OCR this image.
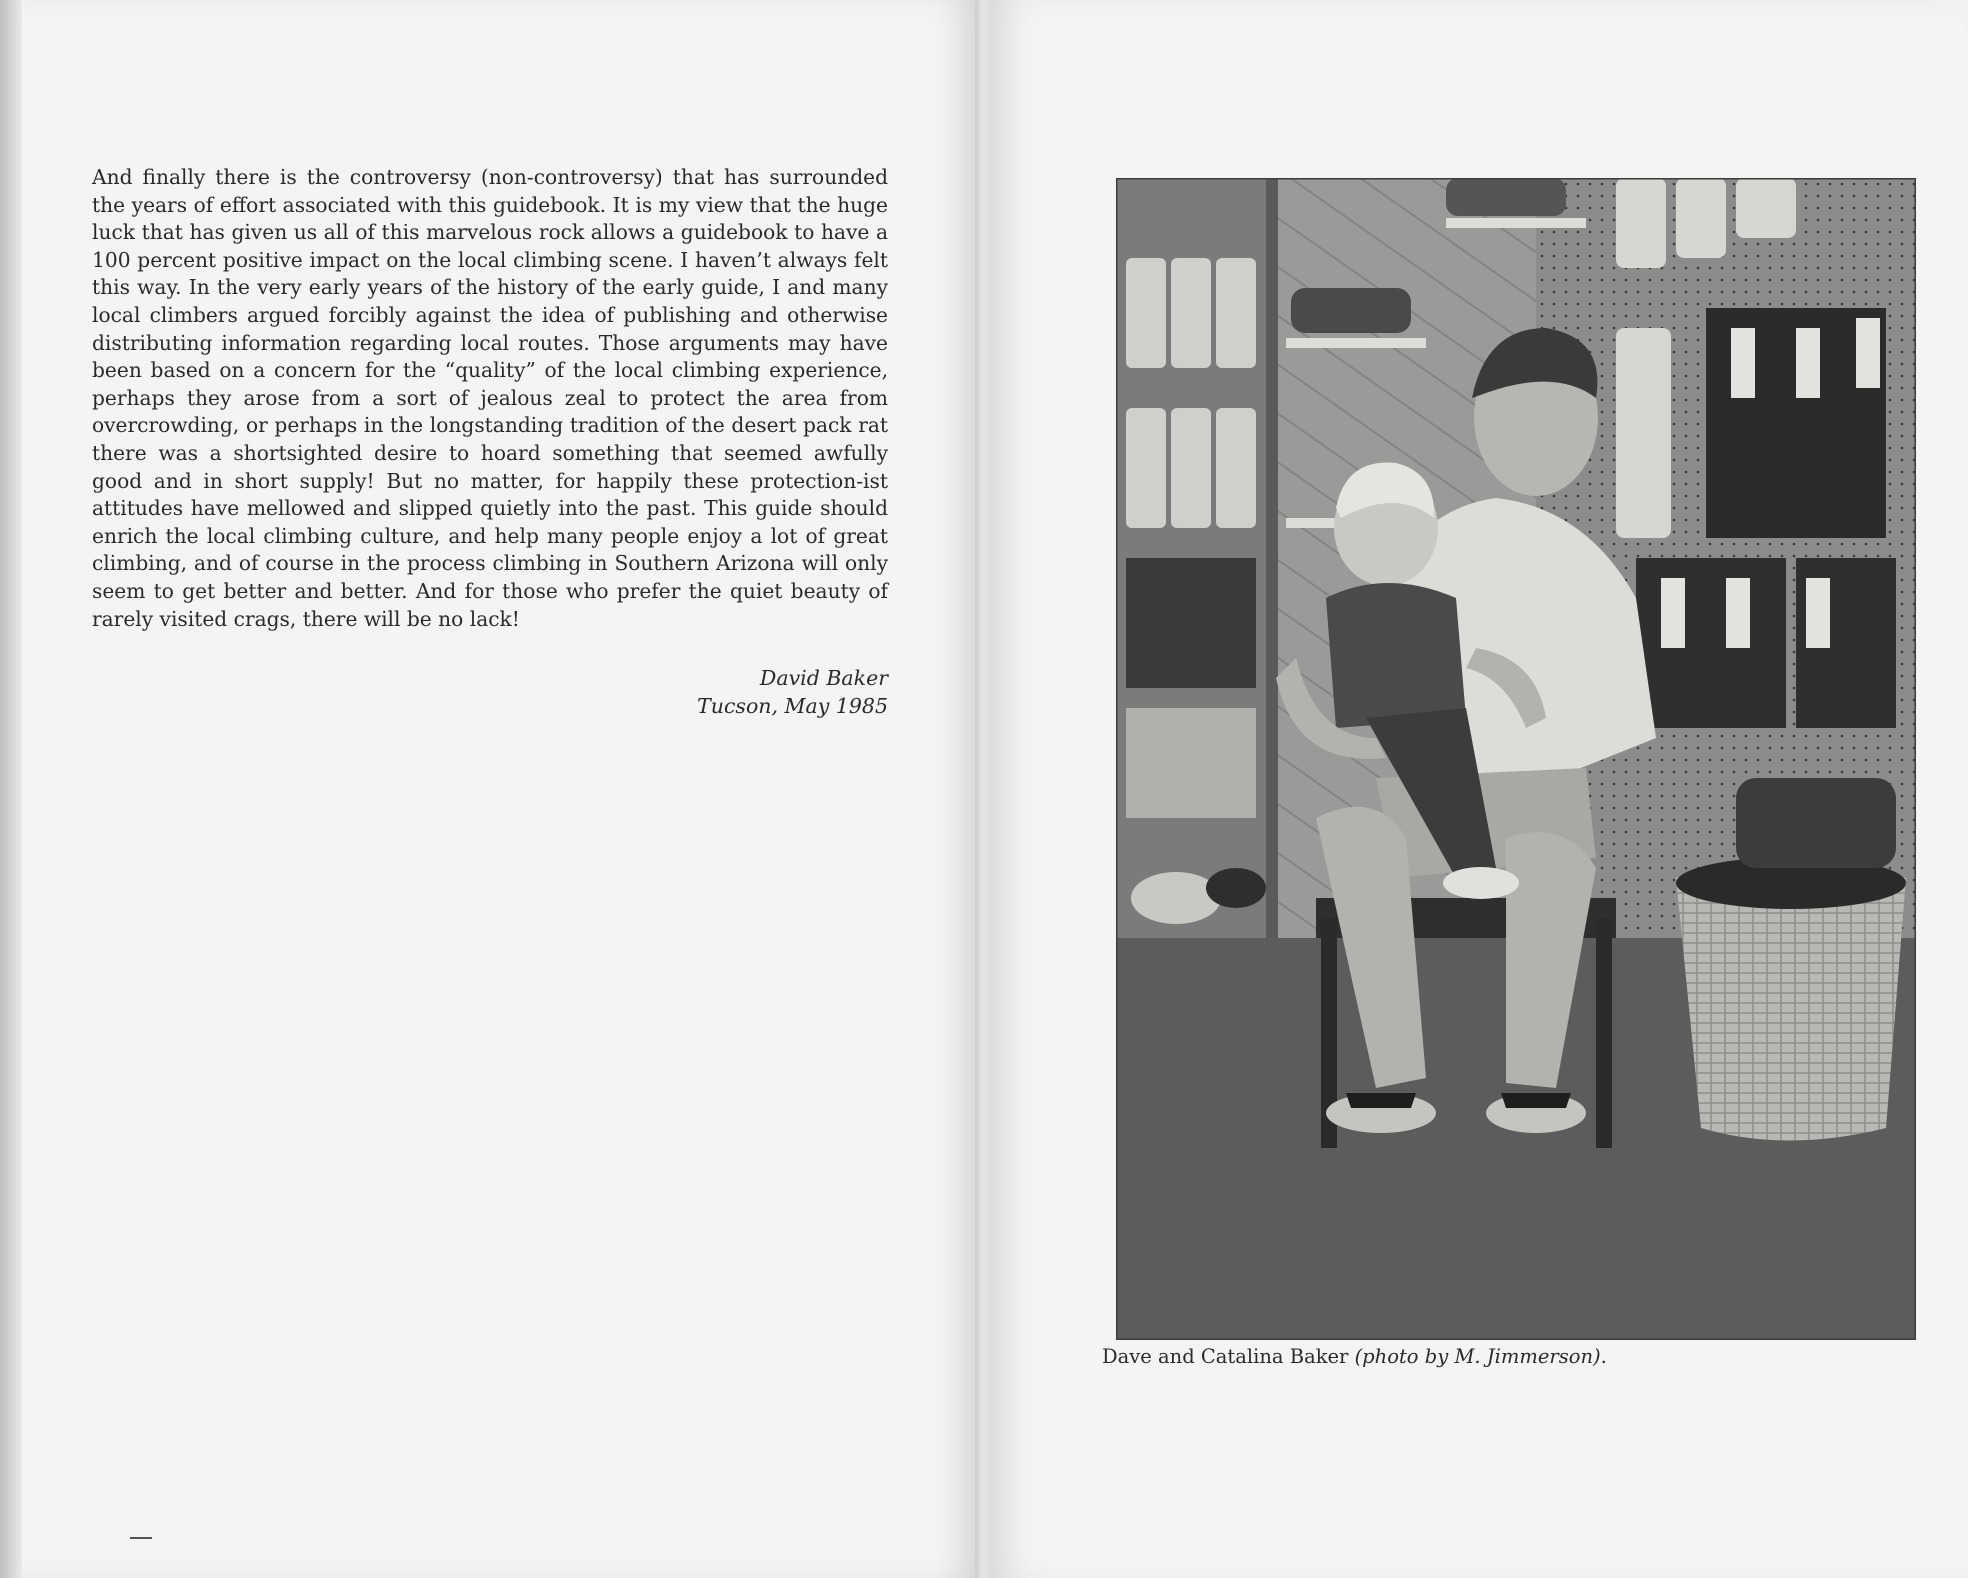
And finally there is the controversy (non-controversy) that has surrounded the years of effort associated with this guidebook. It is my view that the huge luck that has given us all of this marvelous rock allows a guidebook to have a 100 percent positive impact on the local climbing scene. I haven’t always felt this way. In the very early years of the history of the early guide, I and many local climbers argued forcibly against the idea of publishing and otherwise distributing information regarding local routes. Those arguments may have been based on a concern for the “quality” of the local climbing experience, perhaps they arose from a sort of jealous zeal to protect the area from overcrowding, or perhaps in the longstanding tradition of the desert pack rat there was a shortsighted desire to hoard something that seemed awfully good and in short supply! But no matter, for happily these protection-ist attitudes have mellowed and slipped quietly into the past. This guide should enrich the local climbing culture, and help many people enjoy a lot of great climbing, and of course in the process climbing in Southern Arizona will only seem to get better and better. And for those who prefer the quiet beauty of rarely visited crags, there will be no lack!

David Baker
Tucson, May 1985
Dave and Catalina Baker (photo by M. Jimmerson).
